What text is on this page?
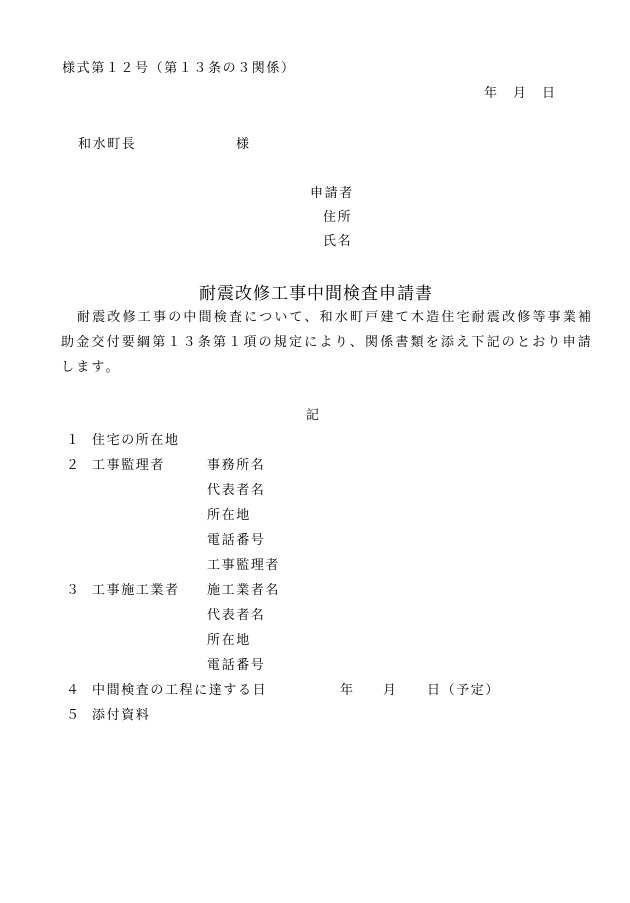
様式第１２号（第１３条の３関係）
年 月 日
和水町長	様
申請者
住所
氏名
耐震改修工事中間検査申請書
耐震改修工事の中間検査について、和水町戸建て木造住宅耐震改修等事業補
助金交付要綱第１３条第１項の規定により、関係書類を添え下記のとおり申請
します。
記
１ 住宅の所在地
２ 工事監理者	事務所名
代表者名
所在地
電話番号
工事監理者
３ 工事施工業者 施工業者名
代表者名
所在地
電話番号
４ 中間検査の工程に達する日	年 月 日（予定）
５ 添付資料
